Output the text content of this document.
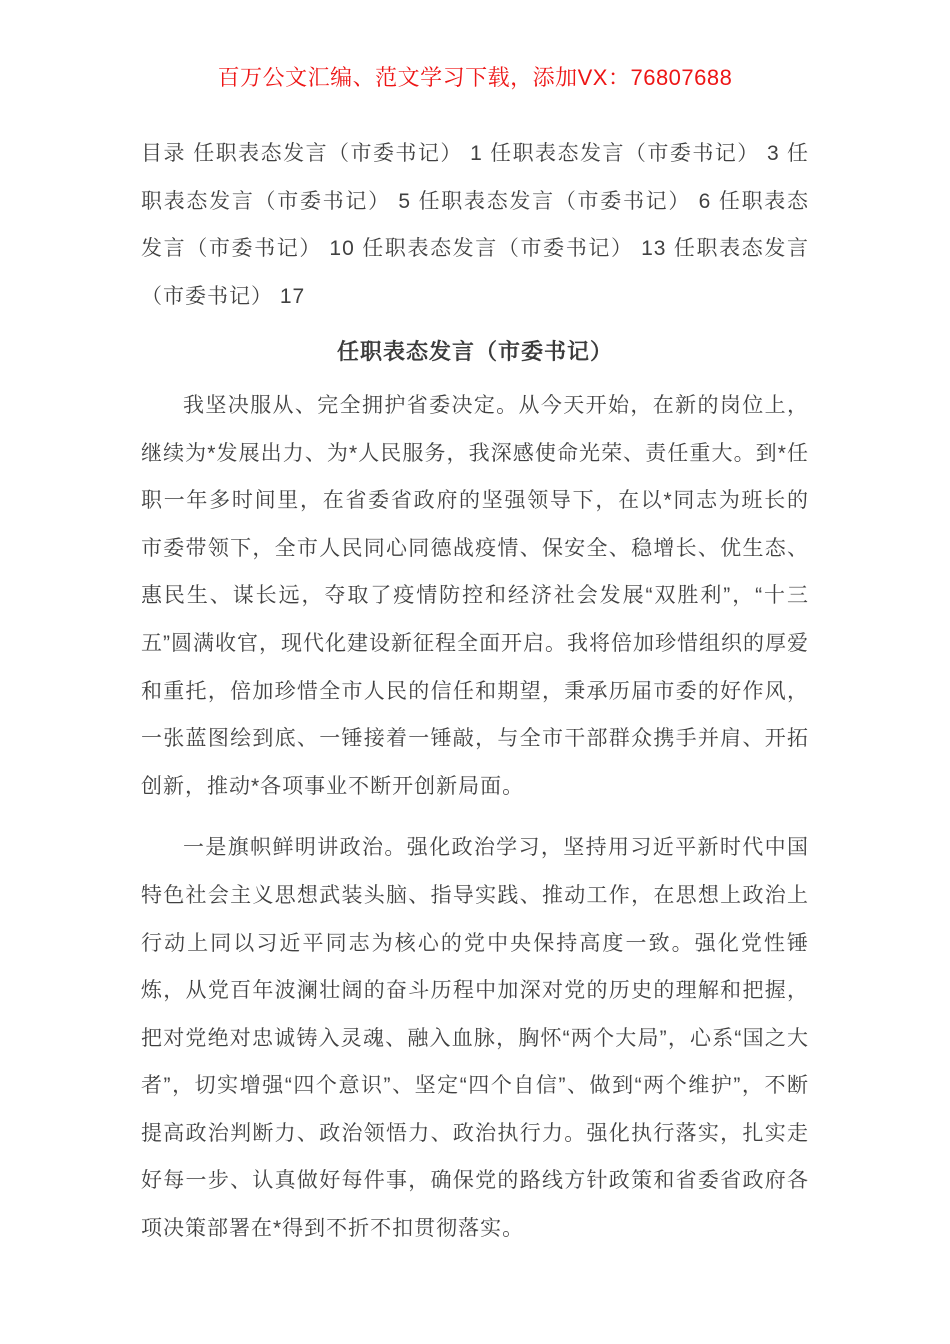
百万公文汇编、范文学习下载，添加VX：76807688

目录 任职表态发言（市委书记） 1 任职表态发言（市委书记） 3 任职表态发言（市委书记） 5 任职表态发言（市委书记） 6 任职表态发言（市委书记） 10 任职表态发言（市委书记） 13 任职表态发言（市委书记） 17

任职表态发言（市委书记）

我坚决服从、完全拥护省委决定。从今天开始，在新的岗位上，继续为*发展出力、为*人民服务，我深感使命光荣、责任重大。到*任职一年多时间里，在省委省政府的坚强领导下，在以*同志为班长的市委带领下，全市人民同心同德战疫情、保安全、稳增长、优生态、惠民生、谋长远，夺取了疫情防控和经济社会发展“双胜利”，“十三五”圆满收官，现代化建设新征程全面开启。我将倍加珍惜组织的厚爱和重托，倍加珍惜全市人民的信任和期望，秉承历届市委的好作风，一张蓝图绘到底、一锤接着一锤敲，与全市干部群众携手并肩、开拓创新，推动*各项事业不断开创新局面。

一是旗帜鲜明讲政治。强化政治学习，坚持用习近平新时代中国特色社会主义思想武装头脑、指导实践、推动工作，在思想上政治上行动上同以习近平同志为核心的党中央保持高度一致。强化党性锤炼，从党百年波澜壮阔的奋斗历程中加深对党的历史的理解和把握，把对党绝对忠诚铸入灵魂、融入血脉，胸怀“两个大局”，心系“国之大者”，切实增强“四个意识”、坚定“四个自信”、做到“两个维护”，不断提高政治判断力、政治领悟力、政治执行力。强化执行落实，扎实走好每一步、认真做好每件事，确保党的路线方针政策和省委省政府各项决策部署在*得到不折不扣贯彻落实。
